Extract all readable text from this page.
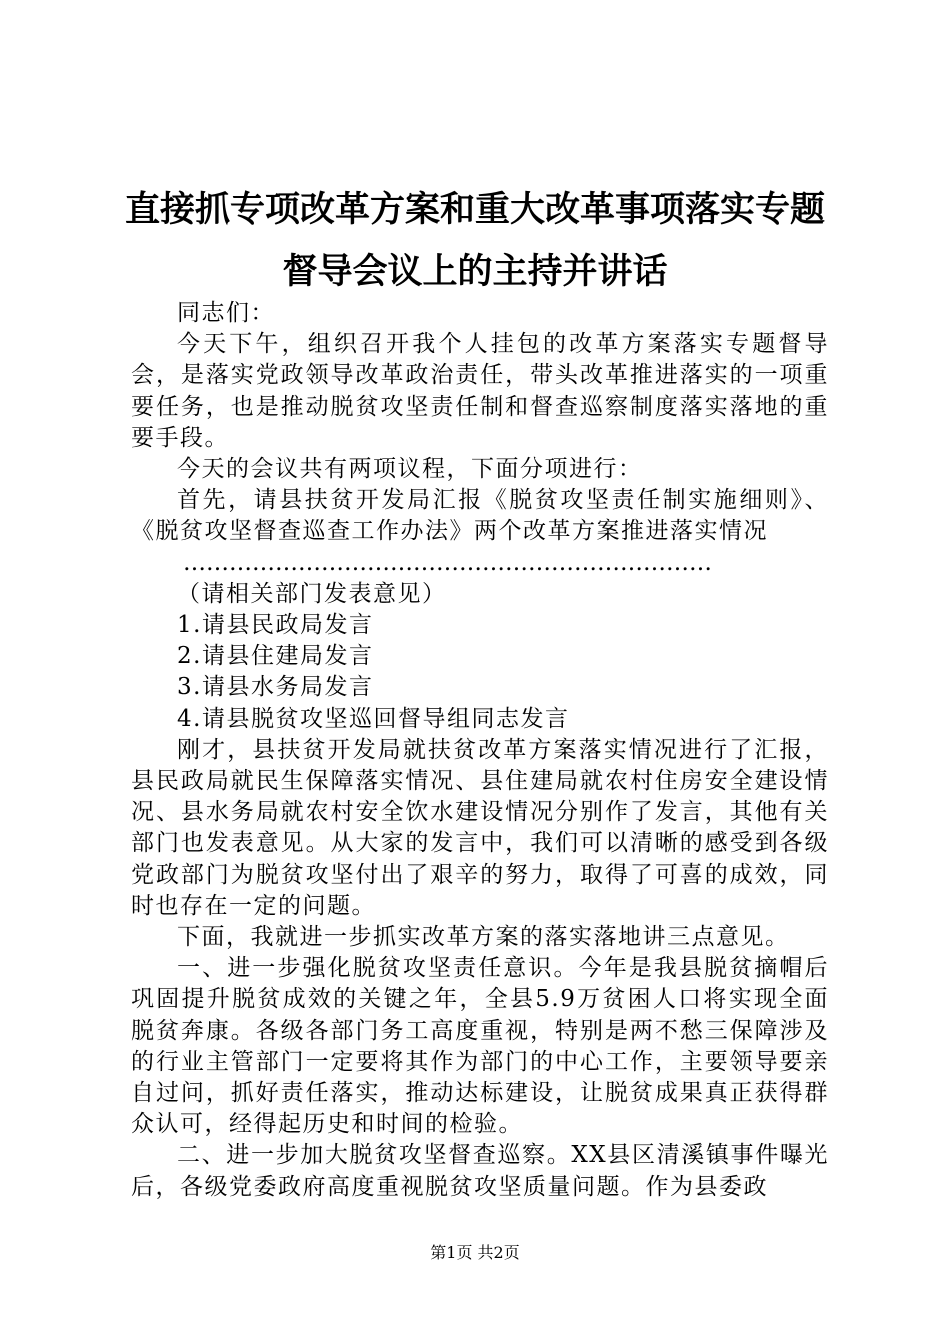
直接抓专项改革方案和重大改革事项落实专题
督导会议上的主持并讲话

同志们：

今天下午，组织召开我个人挂包的改革方案落实专题督导会，是落实党政领导改革政治责任，带头改革推进落实的一项重要任务，也是推动脱贫攻坚责任制和督查巡察制度落实落地的重要手段。

今天的会议共有两项议程，下面分项进行：

首先，请县扶贫开发局汇报《脱贫攻坚责任制实施细则》、《脱贫攻坚督查巡查工作办法》两个改革方案推进落实情况

……………………………………………………………

（请相关部门发表意见）

1.请县民政局发言

2.请县住建局发言

3.请县水务局发言

4.请县脱贫攻坚巡回督导组同志发言

刚才，县扶贫开发局就扶贫改革方案落实情况进行了汇报，县民政局就民生保障落实情况、县住建局就农村住房安全建设情况、县水务局就农村安全饮水建设情况分别作了发言，其他有关部门也发表意见。从大家的发言中，我们可以清晰的感受到各级党政部门为脱贫攻坚付出了艰辛的努力，取得了可喜的成效，同时也存在一定的问题。

下面，我就进一步抓实改革方案的落实落地讲三点意见。

一、进一步强化脱贫攻坚责任意识。今年是我县脱贫摘帽后巩固提升脱贫成效的关键之年，全县5.9万贫困人口将实现全面脱贫奔康。各级各部门务工高度重视，特别是两不愁三保障涉及的行业主管部门一定要将其作为部门的中心工作，主要领导要亲自过问，抓好责任落实，推动达标建设，让脱贫成果真正获得群众认可，经得起历史和时间的检验。

二、进一步加大脱贫攻坚督查巡察。XX县区清溪镇事件曝光后，各级党委政府高度重视脱贫攻坚质量问题。作为县委政

第1页 共2页
